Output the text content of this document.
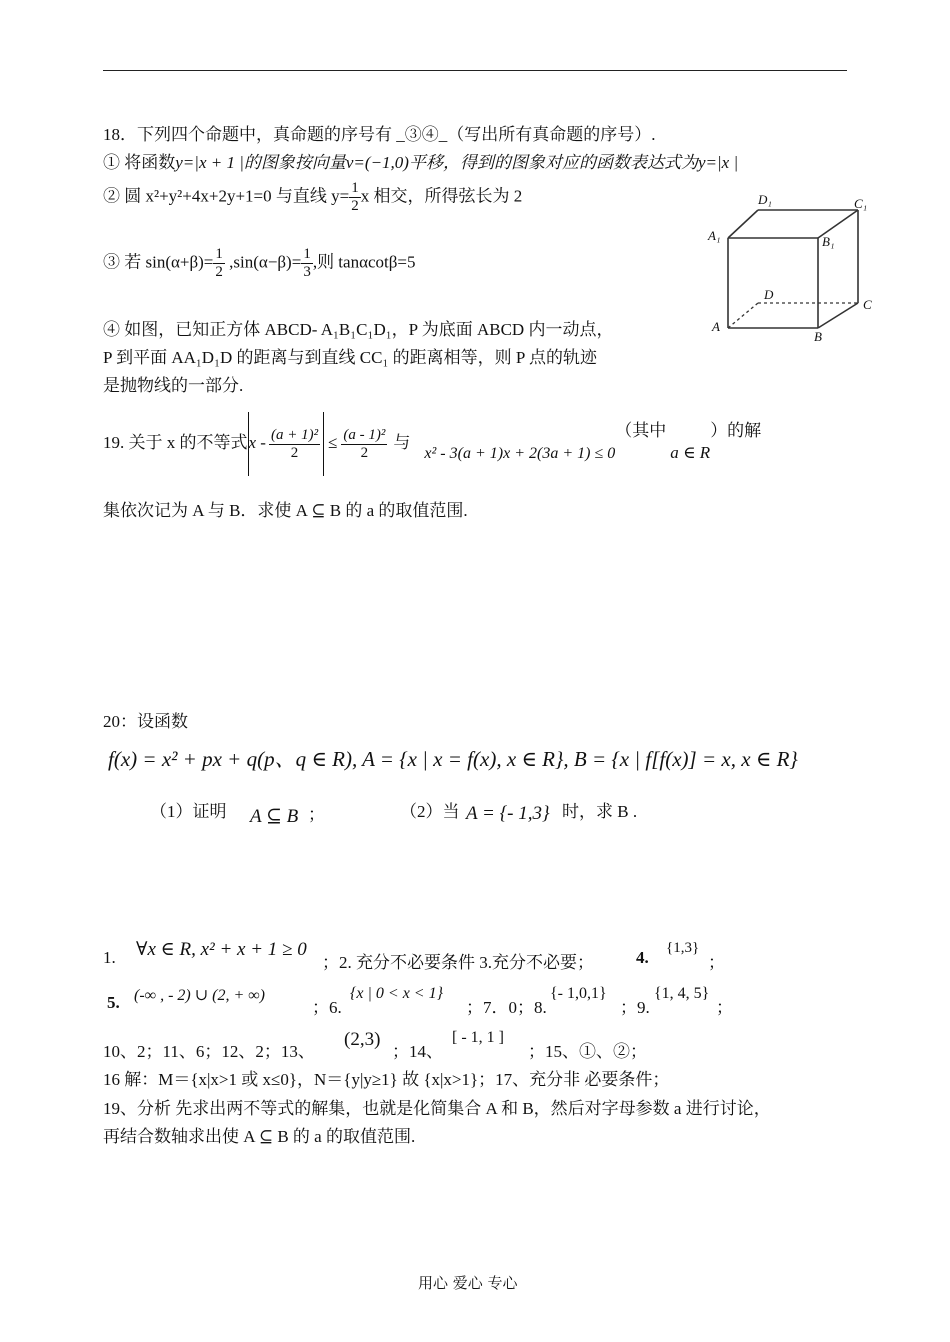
18．下列四个命题中，真命题的序号有 _③④_（写出所有真命题的序号）.
① 将函数y=|x + 1 |的图象按向量v=(−1,0)平移，得到的图象对应的函数表达式为y=|x |
② 圆 x²+y²+4x+2y+1=0 与直线 $y= \frac{1}{2}$ x 相交，所得弦长为 2
③ 若 $\sin(\alpha+\beta)= \frac{1}{2} ,\sin(\alpha-\beta)= \frac{1}{3}$ ,则 tanαcotβ=5
④ 如图，已知正方体 ABCD- A₁B₁C₁D₁，P 为底面 ABCD 内一动点，
P 到平面 AA₁D₁D 的距离与到直线 CC₁ 的距离相等，则 P 点的轨迹
是抛物线的一部分.
D₁	C₁
A₁	B₁
D
C
A
B
19. 关于 x 的不等式$x - \frac{\text{(a + 1)²}}{2} \le \frac{\text{(a - 1)²}}{2}$ 与x² - 3(a + 1)x + 2(3a + 1) ≤ 0（其中a ∈ R）的解
集依次记为 A 与 B．求使 A ⊆ B 的 a 的取值范围.
20：设函数
f(x) = x² + px + q(p、q ∈ R), A = {x | x = f(x), x ∈ R}, B = {x | f[f(x)] = x, x ∈ R}
（1）证明 A ⊆ B ；	（2）当 A = {- 1,3} 时，求 B .
1. ∀x ∈ R, x² + x + 1 ≥ 0
；2. 充分不必要条件 3.充分不必要； 4. {1,3}
；
5. (-∞ , - 2) ∪ (2, + ∞)
；6.
{x | 0 < x < 1}
；7．0；8.
{- 1,0,1}
；9.
{1, 4, 5}
；
10、2；11、6；12、2；13、
(2,3)
；14、
[ - 1, 1 ]
；15、①、②；
16 解：M＝{x|x>1 或 x≤0}，N＝{y|y≥1} 故 {x|x>1}；17、充分非 必要条件；
19、分析 先求出两不等式的解集，也就是化简集合 A 和 B，然后对字母参数 a 进行讨论，
再结合数轴求出使 A ⊆ B 的 a 的取值范围.
用心 爱心 专心
